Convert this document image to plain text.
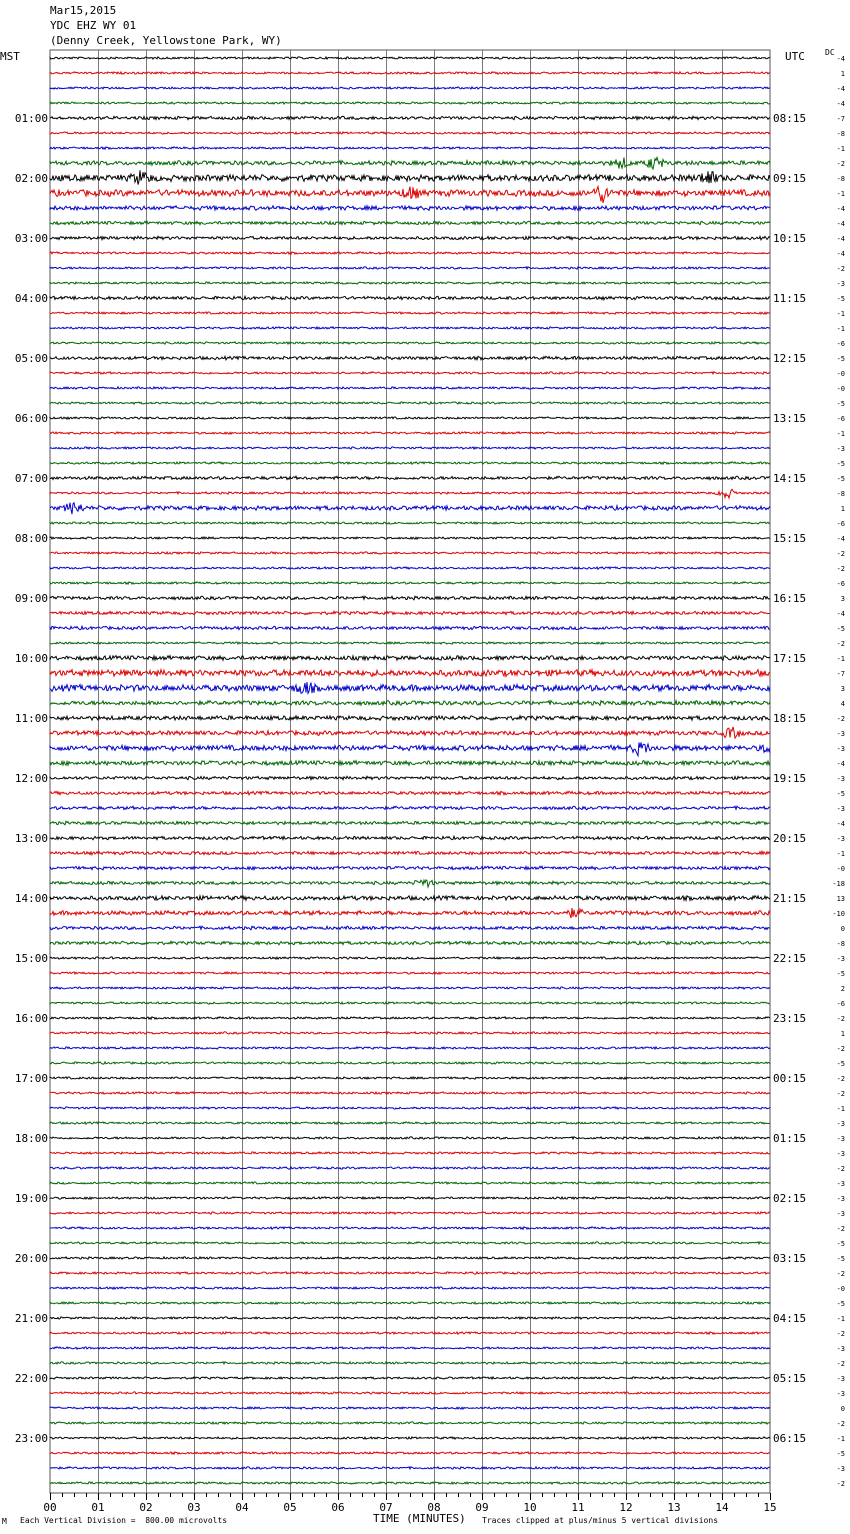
Mar15,2015
YDC EHZ WY 01
(Denny Creek, Yellowstone Park, WY)
MST	UTC	DC
01:00	08:15
02:00	09:15
03:00	10:15
04:00	11:15
05:00	12:15
06:00	13:15
07:00	14:15
08:00	15:15
09:00	16:15
10:00	17:15
11:00	18:15
12:00	19:15
13:00	20:15
14:00	21:15
15:00	22:15
16:00	23:15
17:00	00:15
18:00	01:15
19:00	02:15
20:00	03:15
21:00	04:15
22:00	05:15
23:00	06:15
-4
1
-4
-4
-7
-8
-1
-2
-8
-1
-4
-4
-4
-4
-2
-3
-5
-1
-1
-6
-5
-0
-0
-5
-6
-1
-3
-5
-5
-8
1
-6
-4
-2
-2
-6
3
-4
-5
-2
-1
-7
3
4
-2
-3
-3
-4
-3
-5
-3
-4
-3
-1
-0
-18
13
-10
0
-8
-3
-5
2
-6
-2
1
-2
-5
-2
-2
-1
-3
-3
-3
-2
-3
-3
-3
-2
-5
-5
-2
-0
-5
-1
-2
-3
-2
-3
-3
0
-2
-1
-5
-3
-2
00	01	02	03	04	05	06	07	08	09	10	11	12	13	14	15
M Each Vertical Division =  800.00 microvolts	TIME (MINUTES) Traces clipped at plus/minus 5 vertical divisions
